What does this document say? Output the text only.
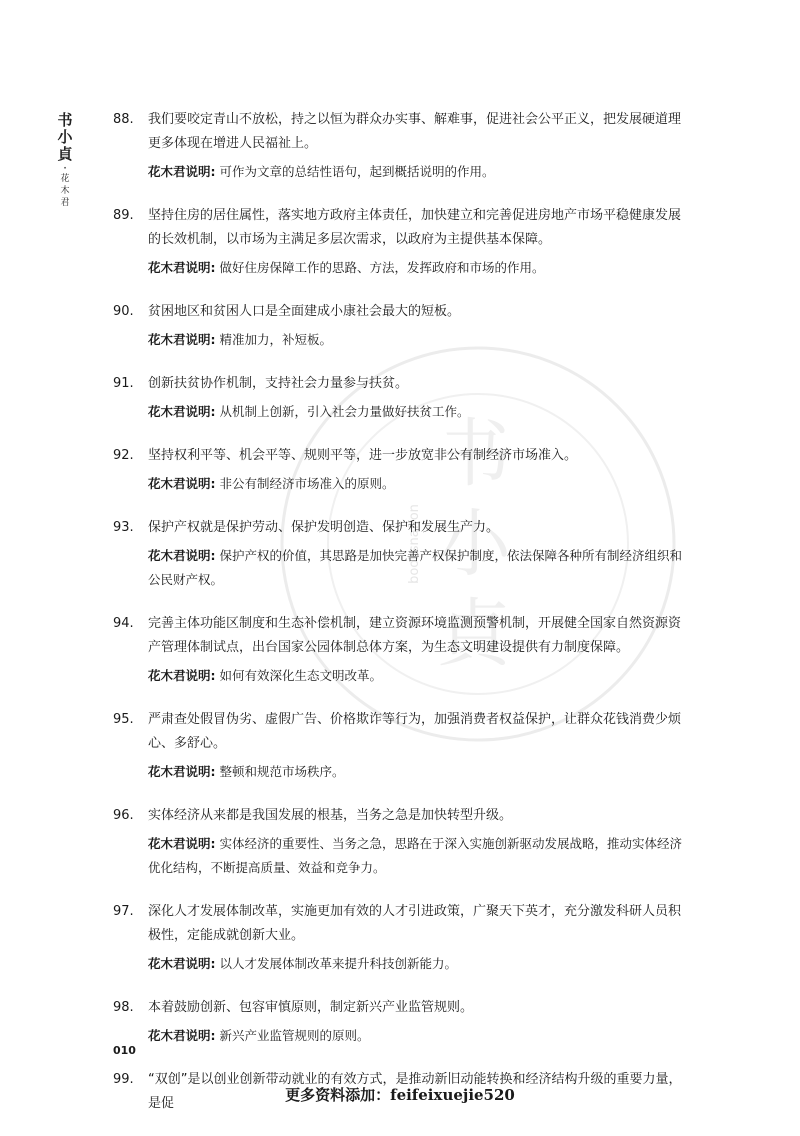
书
小
貞
booksnaffon
书
小
貞
·
花
木
君
88. 我们要咬定青山不放松，持之以恒为群众办实事、解难事，促进社会公平正义，把发展硬道理更多体现在增进人民福祉上。

花木君说明: 可作为文章的总结性语句，起到概括说明的作用。

89. 坚持住房的居住属性，落实地方政府主体责任，加快建立和完善促进房地产市场平稳健康发展的长效机制，以市场为主满足多层次需求，以政府为主提供基本保障。

花木君说明: 做好住房保障工作的思路、方法，发挥政府和市场的作用。

90. 贫困地区和贫困人口是全面建成小康社会最大的短板。

花木君说明: 精准加力，补短板。

91. 创新扶贫协作机制，支持社会力量参与扶贫。

花木君说明: 从机制上创新，引入社会力量做好扶贫工作。

92. 坚持权利平等、机会平等、规则平等，进一步放宽非公有制经济市场准入。

花木君说明: 非公有制经济市场准入的原则。

93. 保护产权就是保护劳动、保护发明创造、保护和发展生产力。

花木君说明: 保护产权的价值，其思路是加快完善产权保护制度，依法保障各种所有制经济组织和公民财产权。

94. 完善主体功能区制度和生态补偿机制，建立资源环境监测预警机制，开展健全国家自然资源资产管理体制试点，出台国家公园体制总体方案，为生态文明建设提供有力制度保障。

花木君说明: 如何有效深化生态文明改革。

95. 严肃查处假冒伪劣、虚假广告、价格欺诈等行为，加强消费者权益保护，让群众花钱消费少烦心、多舒心。

花木君说明: 整顿和规范市场秩序。

96. 实体经济从来都是我国发展的根基，当务之急是加快转型升级。

花木君说明: 实体经济的重要性、当务之急，思路在于深入实施创新驱动发展战略，推动实体经济优化结构，不断提高质量、效益和竞争力。

97. 深化人才发展体制改革，实施更加有效的人才引进政策，广聚天下英才，充分激发科研人员积极性，定能成就创新大业。

花木君说明: 以人才发展体制改革来提升科技创新能力。

98. 本着鼓励创新、包容审慎原则，制定新兴产业监管规则。

花木君说明: 新兴产业监管规则的原则。

99. “双创”是以创业创新带动就业的有效方式，是推动新旧动能转换和经济结构升级的重要力量，是促

010
更多资料添加：feifeixuejie520
